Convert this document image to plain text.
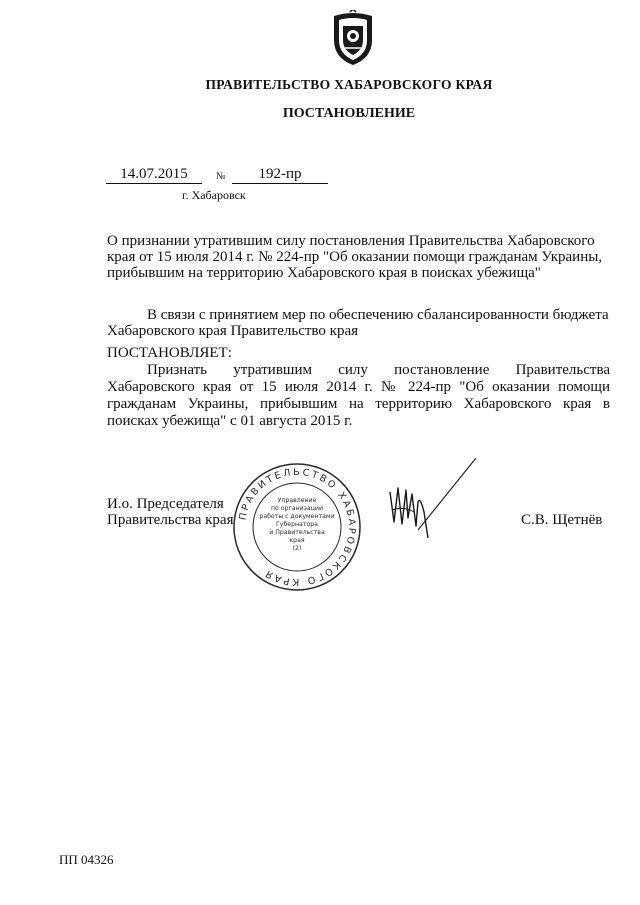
ПРАВИТЕЛЬСТВО ХАБАРОВСКОГО КРАЯ
ПОСТАНОВЛЕНИЕ
14.07.2015	№	192-пр
г. Хабаровск
О признании утратившим силу постановления Правительства Хабаровского края от 15 июля 2014 г. № 224-пр "Об оказании помощи гражданам Украины, прибывшим на территорию Хабаровского края в поисках убежища"
В связи с принятием мер по обеспечению сбалансированности бюджета Хабаровского края Правительство края
ПОСТАНОВЛЯЕТ:
Признать утратившим силу постановление Правительства Хабаровского края от 15 июля 2014 г. № 224-пр "Об оказании помощи гражданам Украины, прибывшим на территорию Хабаровского края в поисках убежища" с 01 августа 2015 г.
И.о. Председателя
Правительства края	С.В. Щетнёв
ПРАВИТЕЛЬСТВО ХАБАРОВСКОГО КРАЯ
Управление
по организации
работы с документами
Губернатора
и Правительства
края
(2)
ПП 04326
